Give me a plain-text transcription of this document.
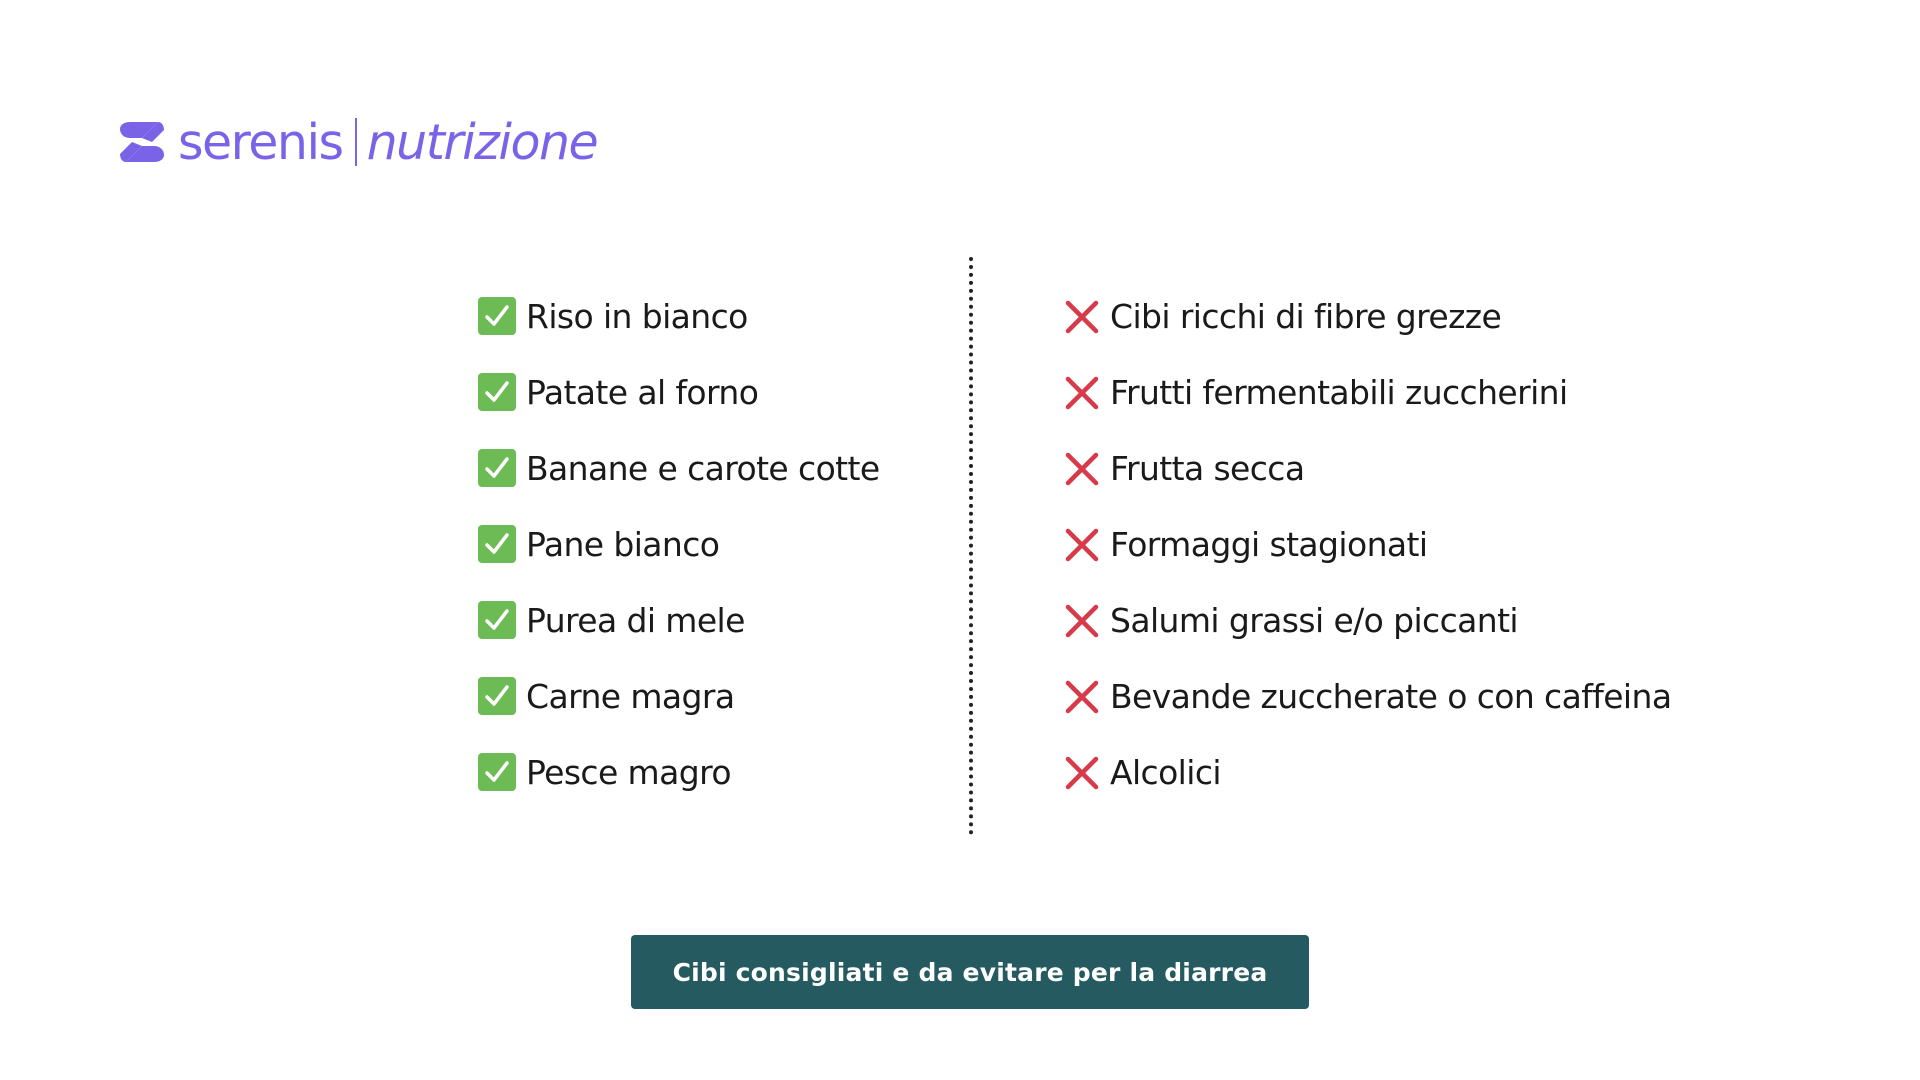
serenis nutrizione
Riso in bianco
Patate al forno
Banane e carote cotte
Pane bianco
Purea di mele
Carne magra
Pesce magro
Cibi ricchi di fibre grezze
Frutti fermentabili zuccherini
Frutta secca
Formaggi stagionati
Salumi grassi e/o piccanti
Bevande zuccherate o con caffeina
Alcolici
Cibi consigliati e da evitare per la diarrea
